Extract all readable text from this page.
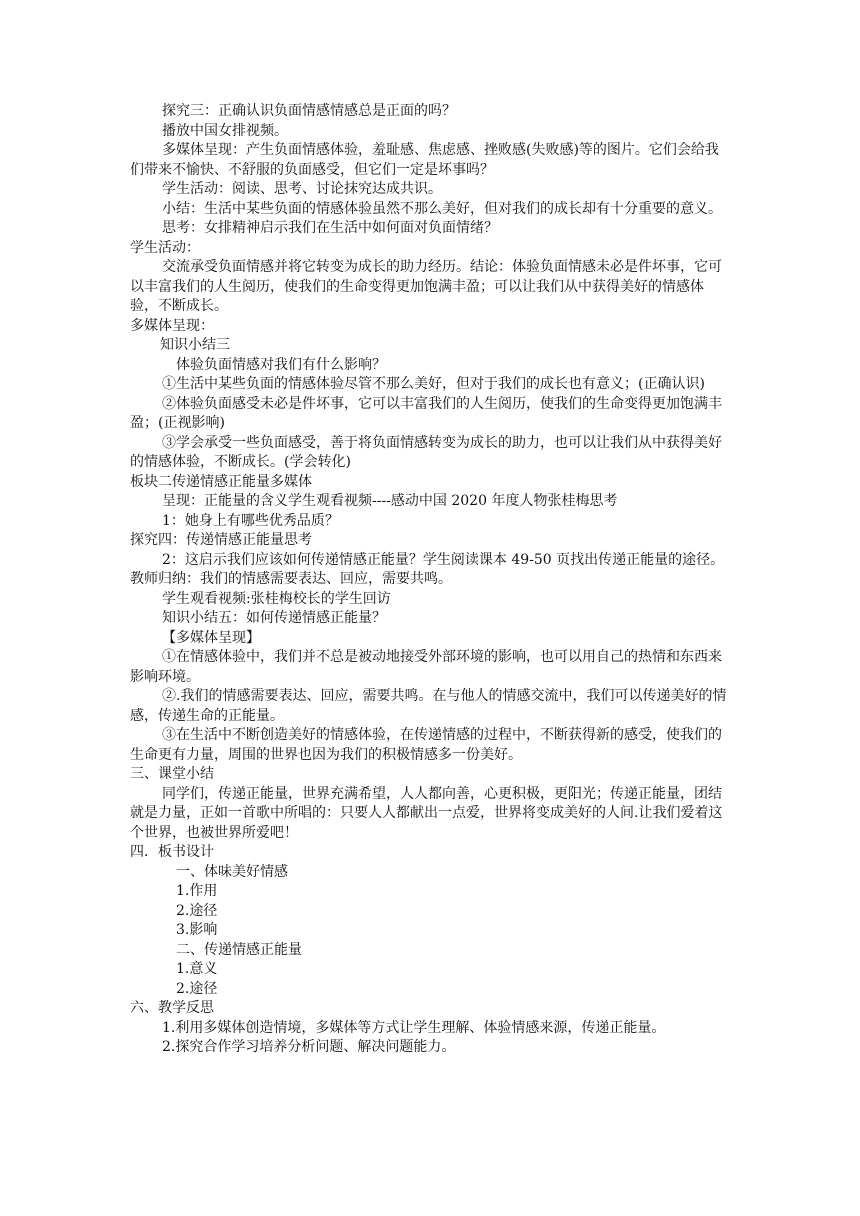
探究三：正确认识负面情感情感总是正面的吗？

播放中国女排视频。

多媒体呈现：产生负面情感体验，羞耻感、焦虑感、挫败感(失败感)等的图片。它们会给我们带来不愉快、不舒服的负面感受，但它们一定是坏事吗？

学生活动：阅读、思考、讨论抹究达成共识。

小结：生活中某些负面的情感体验虽然不那么美好，但对我们的成长却有十分重要的意义。

思考：女排精神启示我们在生活中如何面对负面情绪？

学生活动：

交流承受负面情感并将它转变为成长的助力经历。结论：体验负面情感未必是件坏事，它可以丰富我们的人生阅历，使我们的生命变得更加饱满丰盈；可以让我们从中获得美好的情感体验，不断成长。

多媒体呈现：

知识小结三

体验负面情感对我们有什么影响？

①生活中某些负面的情感体验尽管不那么美好，但对于我们的成长也有意义；(正确认识)

②体验负面感受未必是件坏事，它可以丰富我们的人生阅历，使我们的生命变得更加饱满丰盈；(正视影响)

③学会承受一些负面感受，善于将负面情感转变为成长的助力，也可以让我们从中获得美好的情感体验，不断成长。(学会转化)

板块二传递情感正能量多媒体

呈现：正能量的含义学生观看视频----感动中国 2020 年度人物张桂梅思考

1：她身上有哪些优秀品质？

探究四：传递情感正能量思考

2：这启示我们应该如何传递情感正能量？学生阅读课本 49-50 页找出传递正能量的途径。教师归纳：我们的情感需要表达、回应，需要共鸣。

学生观看视频:张桂梅校长的学生回访

知识小结五：如何传递情感正能量？

【多媒体呈现】

①在情感体验中，我们并不总是被动地接受外部环境的影响，也可以用自己的热情和东西来影响环境。

②.我们的情感需要表达、回应，需要共鸣。在与他人的情感交流中，我们可以传递美好的情感，传递生命的正能量。

③在生活中不断创造美好的情感体验，在传递情感的过程中，不断获得新的感受，使我们的生命更有力量，周围的世界也因为我们的积极情感多一份美好。

三、课堂小结

同学们，传递正能量，世界充满希望，人人都向善，心更积极，更阳光；传递正能量，团结就是力量，正如一首歌中所唱的：只要人人都献出一点爱，世界将变成美好的人间.让我们爱着这个世界，也被世界所爱吧！

四．板书设计

一、体味美好情感

1.作用

2.途径

3.影响

二、传递情感正能量

1.意义

2.途径

六、教学反思

1.利用多媒体创造情境，多媒体等方式让学生理解、体验情感来源，传递正能量。

2.探究合作学习培养分析问题、解决问题能力。
